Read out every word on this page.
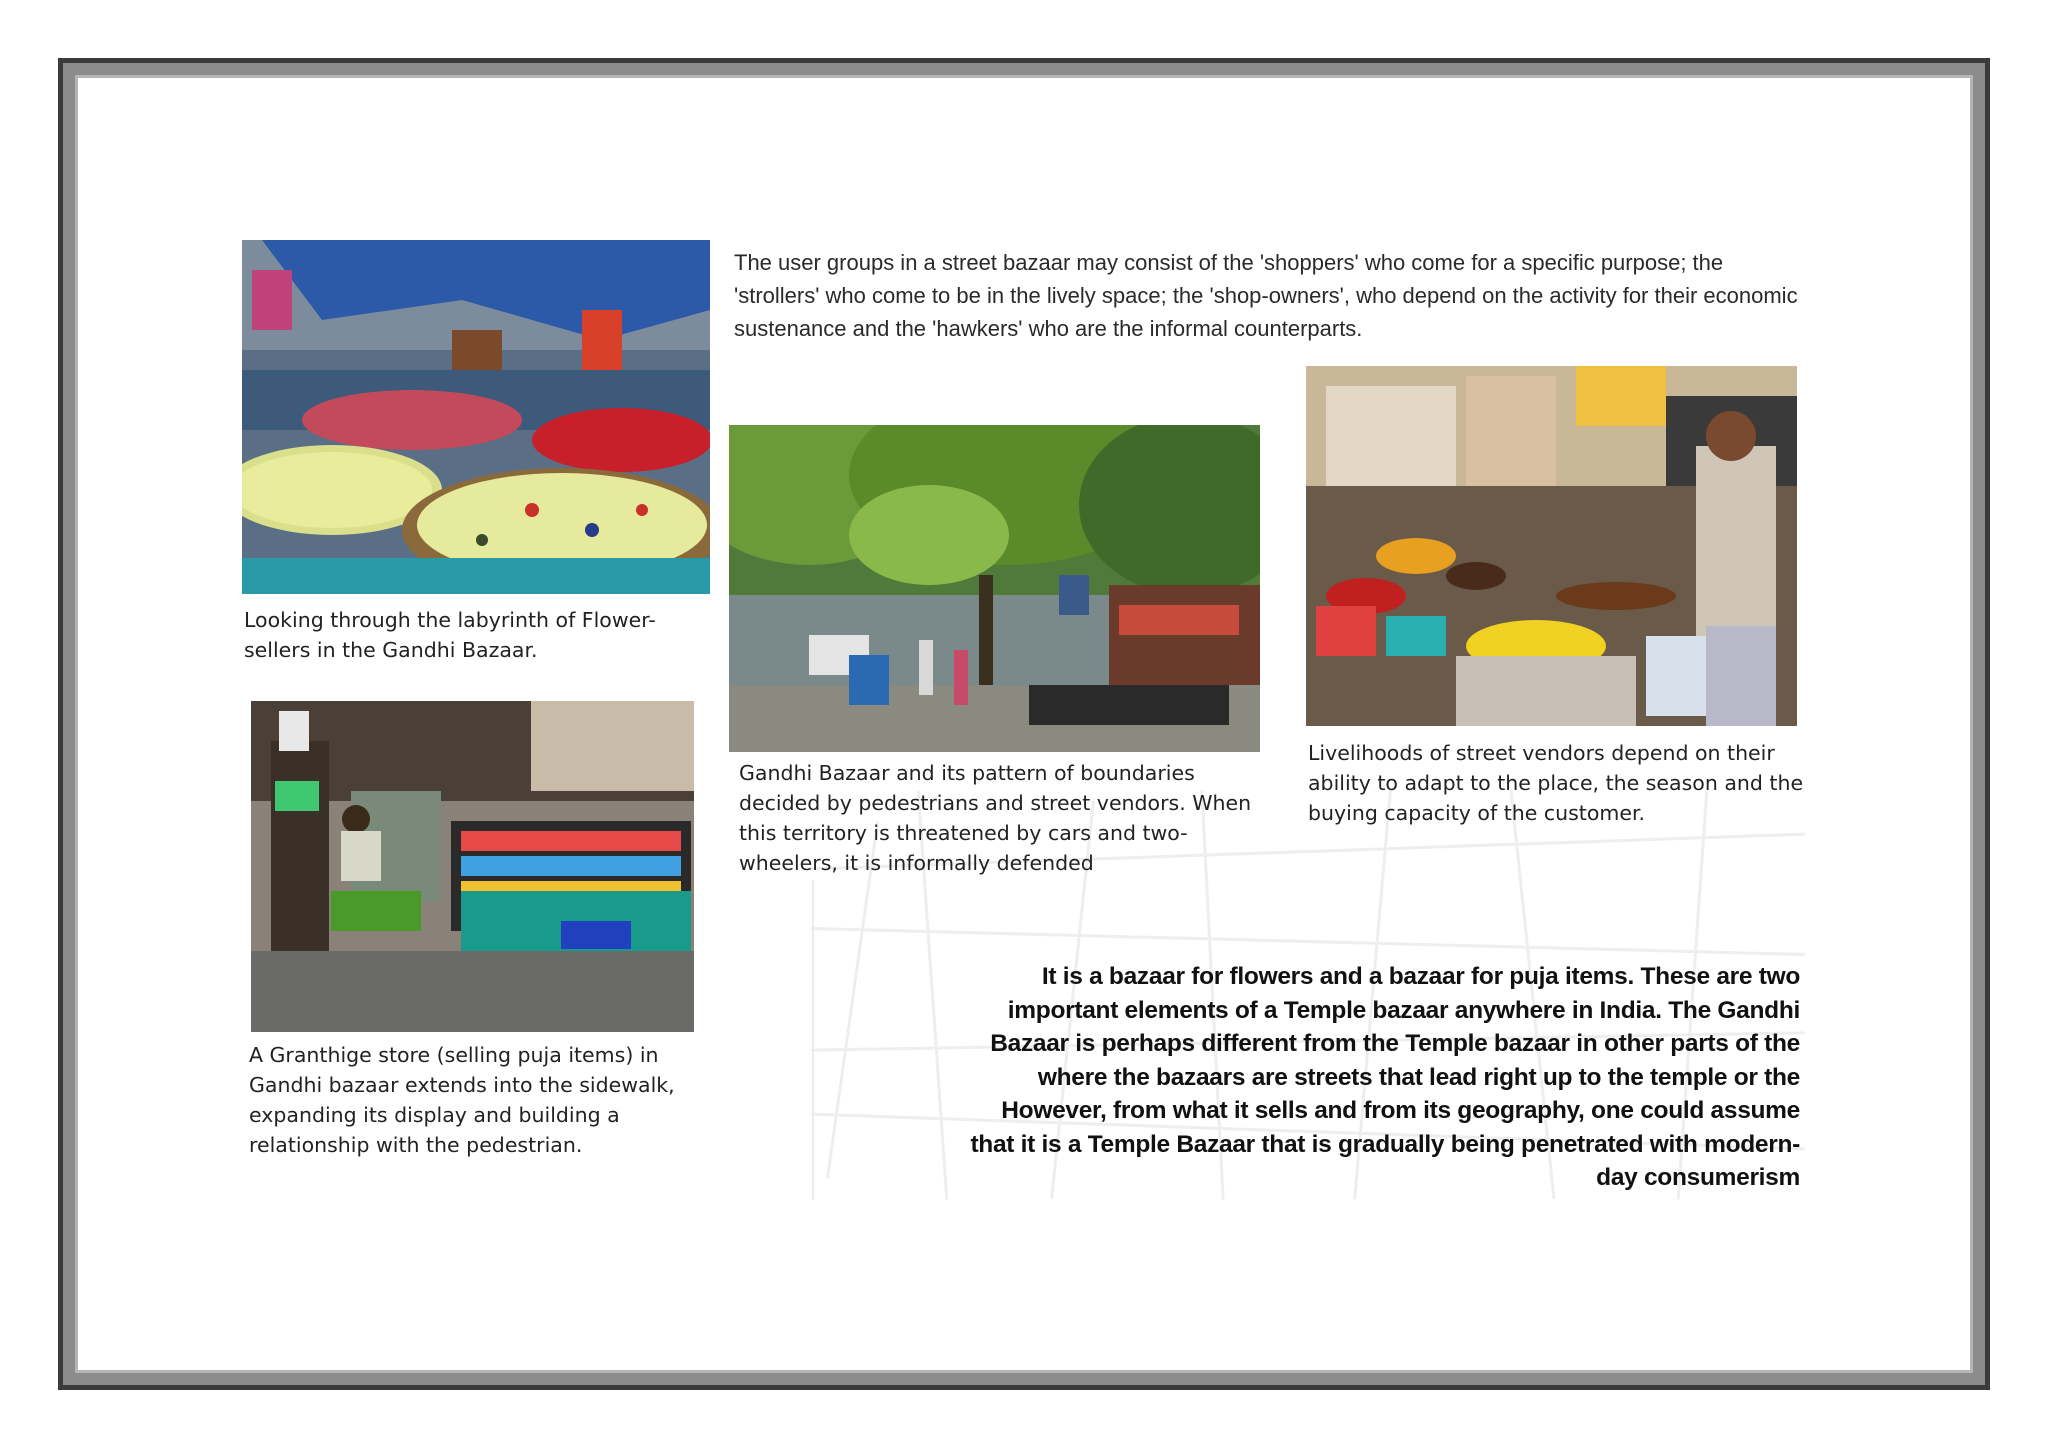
Looking through the labyrinth of Flower-sellers in the Gandhi Bazaar.

The user groups in a street bazaar may consist of the 'shoppers' who come for a specific purpose; the 'strollers' who come to be in the lively space; the 'shop-owners', who depend on the activity for their economic sustenance and the 'hawkers' who are the informal counterparts.

Gandhi Bazaar and its pattern of boundaries decided by pedestrians and street vendors. When this territory is threatened by cars and two-wheelers, it is informally defended

Livelihoods of street vendors depend on their ability to adapt to the place, the season and the buying capacity of the customer.

A Granthige store (selling puja items) in Gandhi bazaar extends into the sidewalk, expanding its display and building a relationship with the pedestrian.

It is a bazaar for flowers and a bazaar for puja items. These are two important elements of a Temple bazaar anywhere in India. The Gandhi Bazaar is perhaps different from the Temple bazaar in other parts of the where the bazaars are streets that lead right up to the temple or the However, from what it sells and from its geography, one could assume that it is a Temple Bazaar that is gradually being penetrated with modern-day consumerism
